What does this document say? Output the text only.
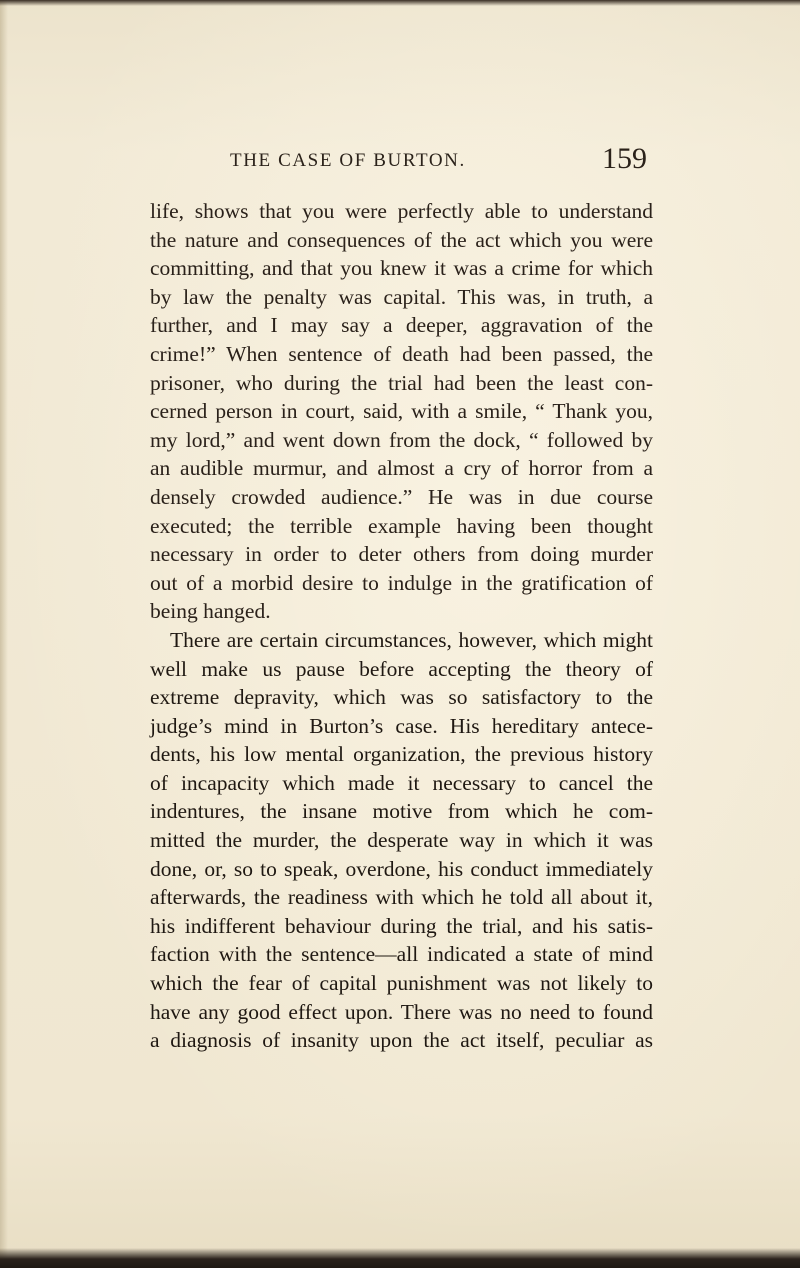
THE CASE OF BURTON.	159
life, shows that you were perfectly able to understand
the nature and consequences of the act which you were
committing, and that you knew it was a crime for which
by law the penalty was capital. This was, in truth, a
further, and I may say a deeper, aggravation of the
crime!” When sentence of death had been passed, the
prisoner, who during the trial had been the least con-
cerned person in court, said, with a smile, “ Thank you,
my lord,” and went down from the dock, “ followed by
an audible murmur, and almost a cry of horror from a
densely crowded audience.” He was in due course
executed; the terrible example having been thought
necessary in order to deter others from doing murder
out of a morbid desire to indulge in the gratification of
being hanged.
There are certain circumstances, however, which might
well make us pause before accepting the theory of
extreme depravity, which was so satisfactory to the
judge’s mind in Burton’s case. His hereditary antece-
dents, his low mental organization, the previous history
of incapacity which made it necessary to cancel the
indentures, the insane motive from which he com-
mitted the murder, the desperate way in which it was
done, or, so to speak, overdone, his conduct immediately
afterwards, the readiness with which he told all about it,
his indifferent behaviour during the trial, and his satis-
faction with the sentence—all indicated a state of mind
which the fear of capital punishment was not likely to
have any good effect upon. There was no need to found
a diagnosis of insanity upon the act itself, peculiar as
